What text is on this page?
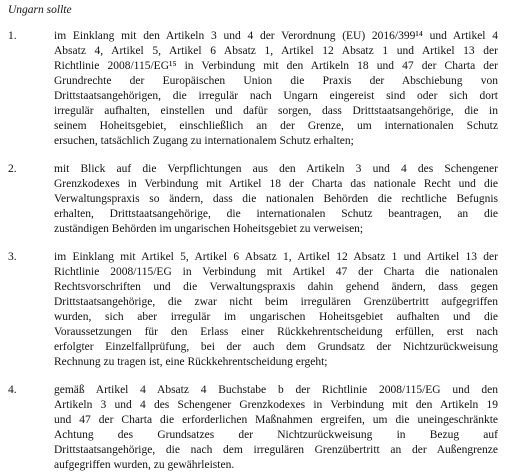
Ungarn sollte
1.	im Einklang mit den Artikeln 3 und 4 der Verordnung (EU) 2016/399¹⁴ und Artikel 4
Absatz 4, Artikel 5, Artikel 6 Absatz 1, Artikel 12 Absatz 1 und Artikel 13 der
Richtlinie 2008/115/EG¹⁵ in Verbindung mit den Artikeln 18 und 47 der Charta der
Grundrechte der Europäischen Union die Praxis der Abschiebung von
Drittstaatsangehörigen, die irregulär nach Ungarn eingereist sind oder sich dort
irregulär aufhalten, einstellen und dafür sorgen, dass Drittstaatsangehörige, die in
seinem Hoheitsgebiet, einschließlich an der Grenze, um internationalen Schutz
ersuchen, tatsächlich Zugang zu internationalem Schutz erhalten;
2.	mit Blick auf die Verpflichtungen aus den Artikeln 3 und 4 des Schengener
Grenzkodexes in Verbindung mit Artikel 18 der Charta das nationale Recht und die
Verwaltungspraxis so ändern, dass die nationalen Behörden die rechtliche Befugnis
erhalten, Drittstaatsangehörige, die internationalen Schutz beantragen, an die
zuständigen Behörden im ungarischen Hoheitsgebiet zu verweisen;
3.	im Einklang mit Artikel 5, Artikel 6 Absatz 1, Artikel 12 Absatz 1 und Artikel 13 der
Richtlinie 2008/115/EG in Verbindung mit Artikel 47 der Charta die nationalen
Rechtsvorschriften und die Verwaltungspraxis dahin gehend ändern, dass gegen
Drittstaatsangehörige, die zwar nicht beim irregulären Grenzübertritt aufgegriffen
wurden, sich aber irregulär im ungarischen Hoheitsgebiet aufhalten und die
Voraussetzungen für den Erlass einer Rückkehrentscheidung erfüllen, erst nach
erfolgter Einzelfallprüfung, bei der auch dem Grundsatz der Nichtzurückweisung
Rechnung zu tragen ist, eine Rückkehrentscheidung ergeht;
4.	gemäß Artikel 4 Absatz 4 Buchstabe b der Richtlinie 2008/115/EG und den
Artikeln 3 und 4 des Schengener Grenzkodexes in Verbindung mit den Artikeln 19
und 47 der Charta die erforderlichen Maßnahmen ergreifen, um die uneingeschränkte
Achtung des Grundsatzes der Nichtzurückweisung in Bezug auf
Drittstaatsangehörige, die nach dem irregulären Grenzübertritt an der Außengrenze
aufgegriffen wurden, zu gewährleisten.
